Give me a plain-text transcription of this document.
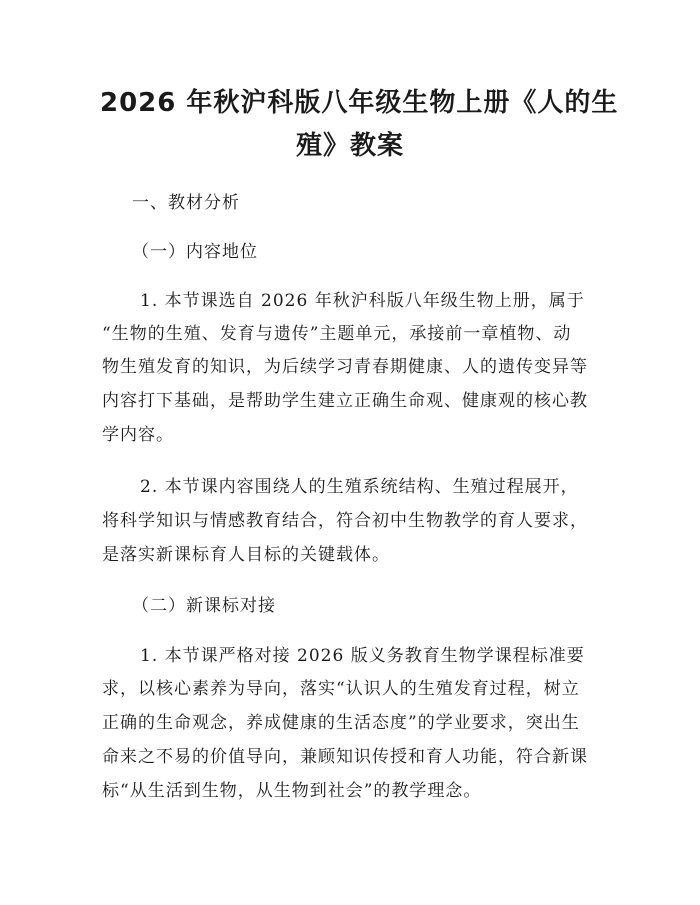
2026 年秋沪科版八年级生物上册《人的生
殖》教案
一、教材分析
（一）内容地位
1. 本节课选自 2026 年秋沪科版八年级生物上册，属于
“生物的生殖、发育与遗传”主题单元，承接前一章植物、动
物生殖发育的知识，为后续学习青春期健康、人的遗传变异等
内容打下基础，是帮助学生建立正确生命观、健康观的核心教
学内容。
2. 本节课内容围绕人的生殖系统结构、生殖过程展开，
将科学知识与情感教育结合，符合初中生物教学的育人要求，
是落实新课标育人目标的关键载体。
（二）新课标对接
1. 本节课严格对接 2026 版义务教育生物学课程标准要
求，以核心素养为导向，落实“认识人的生殖发育过程，树立
正确的生命观念，养成健康的生活态度”的学业要求，突出生
命来之不易的价值导向，兼顾知识传授和育人功能，符合新课
标“从生活到生物，从生物到社会”的教学理念。
